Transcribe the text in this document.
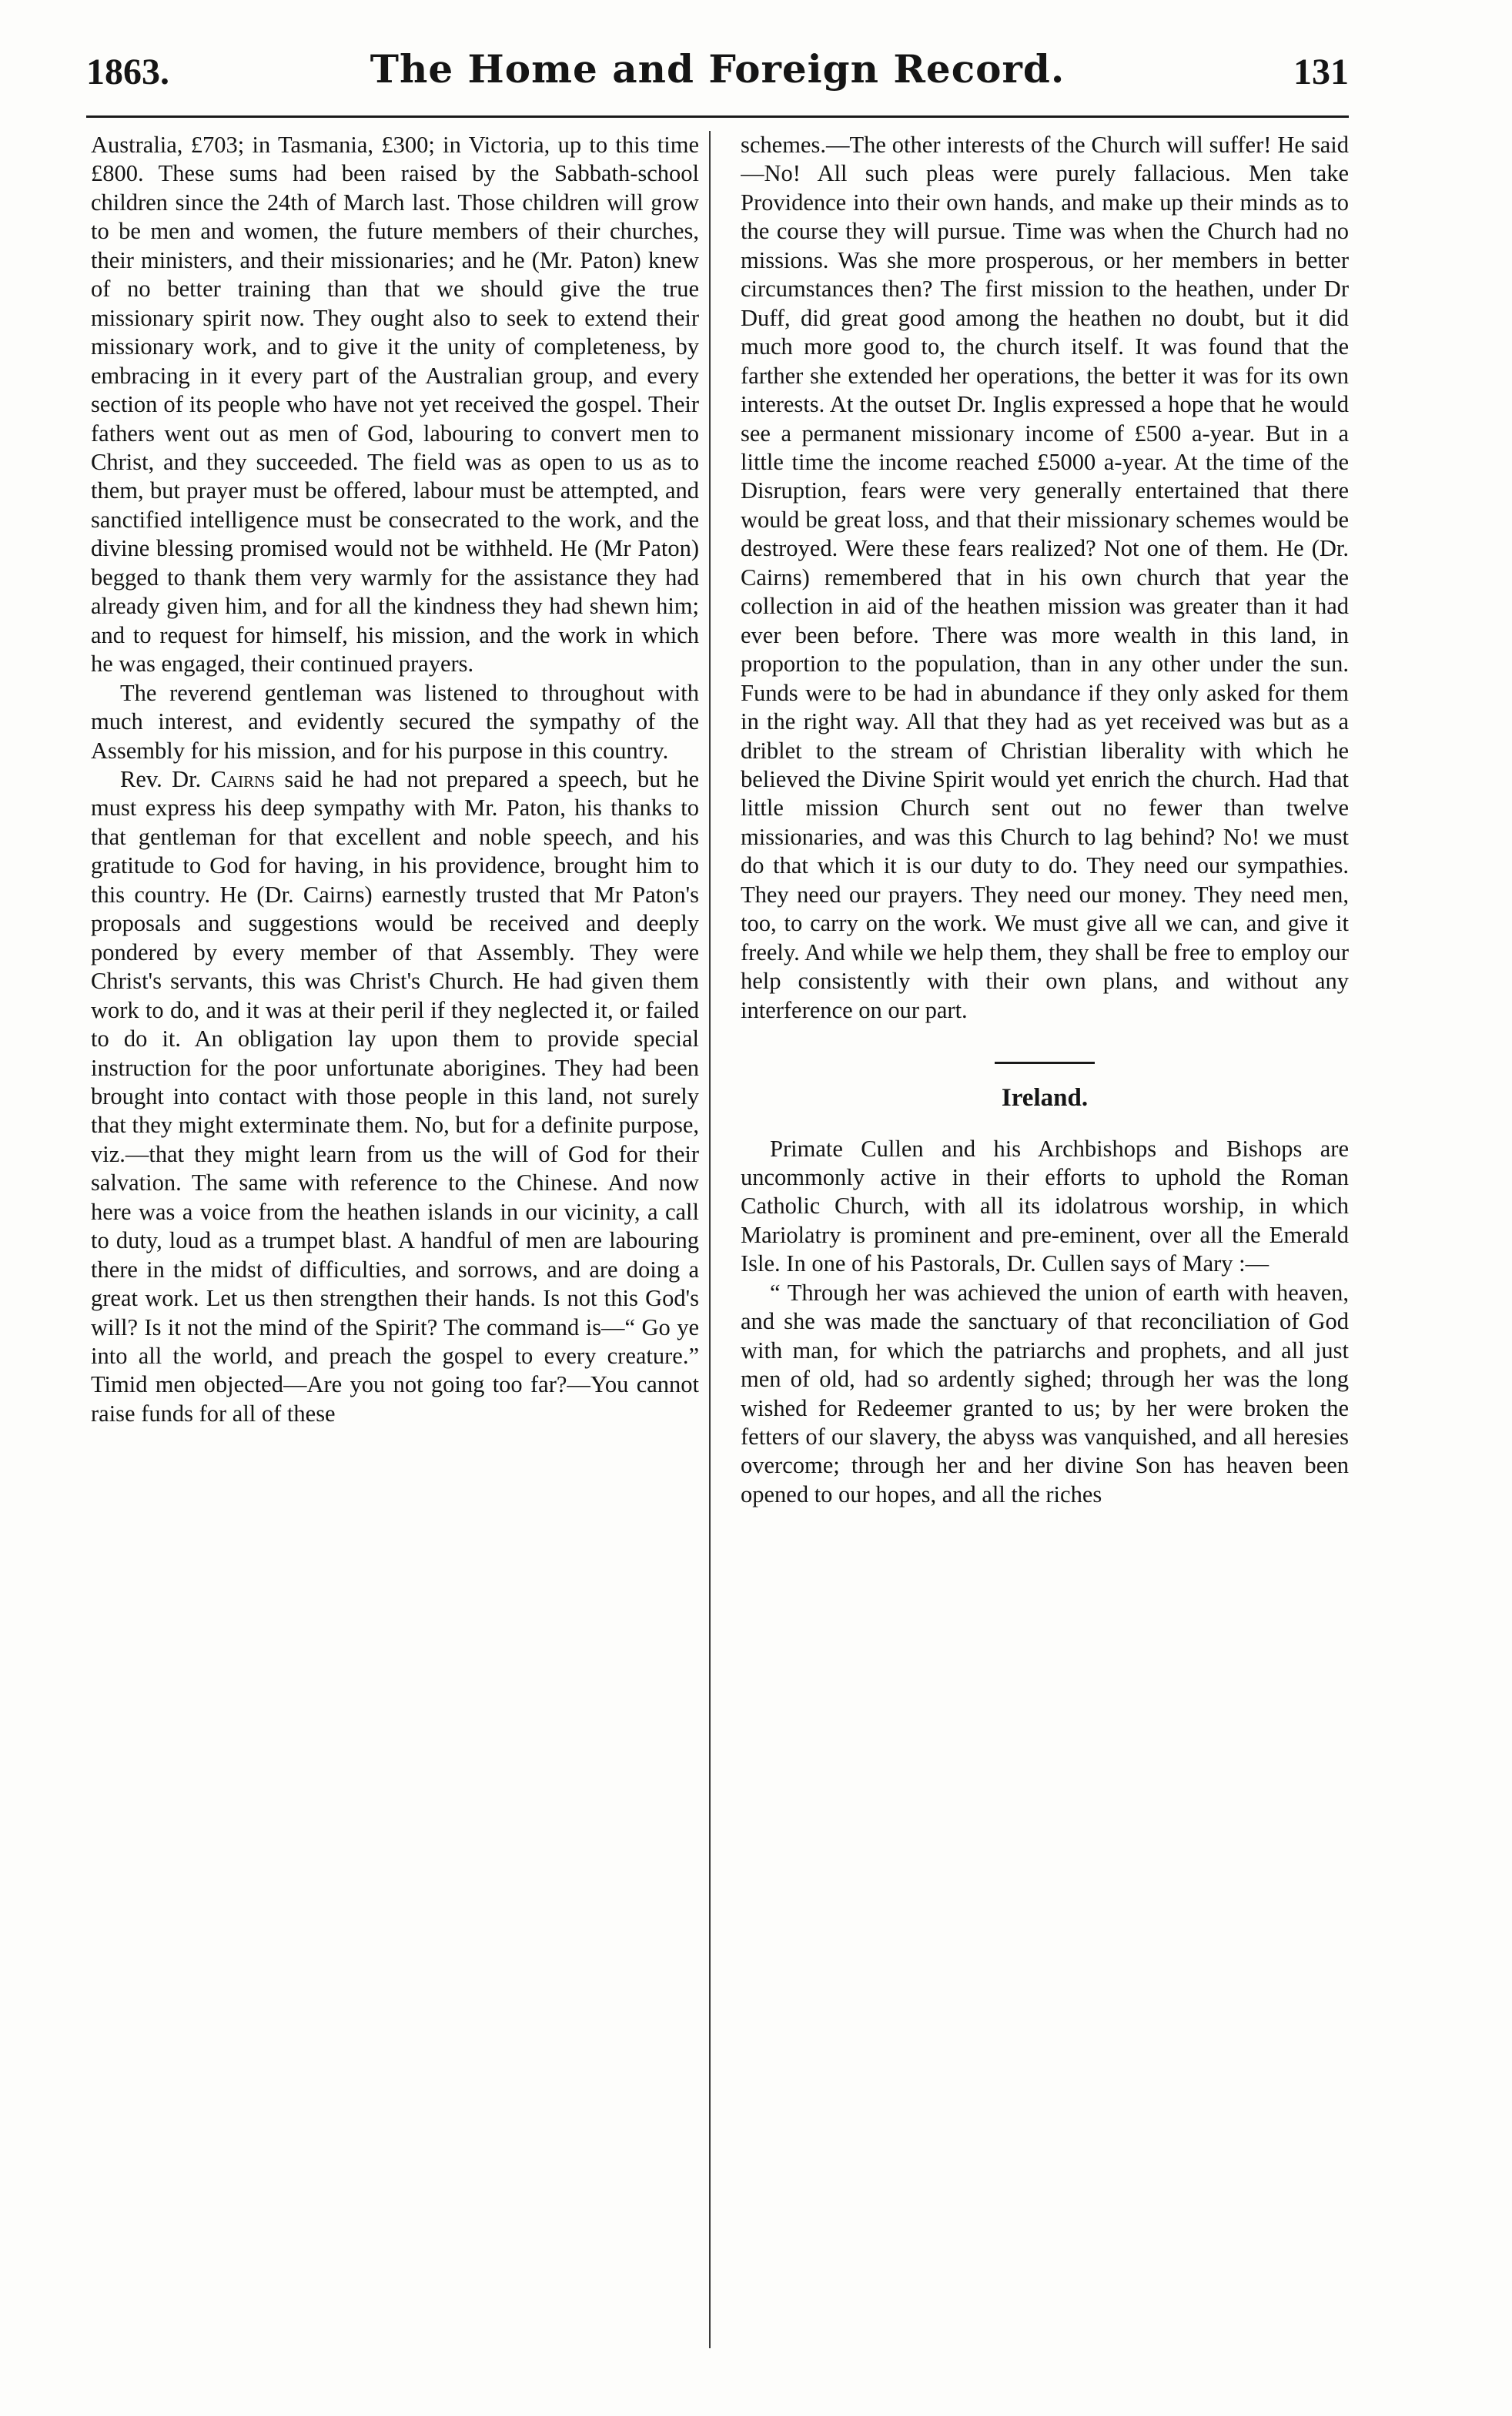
1863.	The Home and Foreign Record.	131

Australia, £703; in Tasmania, £300; in Victoria, up to this time £800. These sums had been raised by the Sabbath-school children since the 24th of March last. Those children will grow to be men and women, the future members of their churches, their ministers, and their missionaries; and he (Mr. Paton) knew of no better training than that we should give the true missionary spirit now. They ought also to seek to extend their missionary work, and to give it the unity of completeness, by embracing in it every part of the Australian group, and every section of its people who have not yet received the gospel. Their fathers went out as men of God, labouring to convert men to Christ, and they succeeded. The field was as open to us as to them, but prayer must be offered, labour must be attempted, and sanctified intelligence must be consecrated to the work, and the divine blessing promised would not be withheld. He (Mr Paton) begged to thank them very warmly for the assistance they had already given him, and for all the kindness they had shewn him; and to request for himself, his mission, and the work in which he was engaged, their continued prayers.

The reverend gentleman was listened to throughout with much interest, and evidently secured the sympathy of the Assembly for his mission, and for his purpose in this country.

Rev. Dr. Cairns said he had not prepared a speech, but he must express his deep sympathy with Mr. Paton, his thanks to that gentleman for that excellent and noble speech, and his gratitude to God for having, in his providence, brought him to this country. He (Dr. Cairns) earnestly trusted that Mr Paton's proposals and suggestions would be received and deeply pondered by every member of that Assembly. They were Christ's servants, this was Christ's Church. He had given them work to do, and it was at their peril if they neglected it, or failed to do it. An obligation lay upon them to provide special instruction for the poor unfortunate aborigines. They had been brought into contact with those people in this land, not surely that they might exterminate them. No, but for a definite purpose, viz.—that they might learn from us the will of God for their salvation. The same with reference to the Chinese. And now here was a voice from the heathen islands in our vicinity, a call to duty, loud as a trumpet blast. A handful of men are labouring there in the midst of difficulties, and sorrows, and are doing a great work. Let us then strengthen their hands. Is not this God's will? Is it not the mind of the Spirit? The command is—“ Go ye into all the world, and preach the gospel to every creature.” Timid men objected—Are you not going too far?—You cannot raise funds for all of these

schemes.—The other interests of the Church will suffer! He said—No! All such pleas were purely fallacious. Men take Providence into their own hands, and make up their minds as to the course they will pursue. Time was when the Church had no missions. Was she more prosperous, or her members in better circumstances then? The first mission to the heathen, under Dr Duff, did great good among the heathen no doubt, but it did much more good to, the church itself. It was found that the farther she extended her operations, the better it was for its own interests. At the outset Dr. Inglis expressed a hope that he would see a permanent missionary income of £500 a-year. But in a little time the income reached £5000 a-year. At the time of the Disruption, fears were very generally entertained that there would be great loss, and that their missionary schemes would be destroyed. Were these fears realized? Not one of them. He (Dr. Cairns) remembered that in his own church that year the collection in aid of the heathen mission was greater than it had ever been before. There was more wealth in this land, in proportion to the population, than in any other under the sun. Funds were to be had in abundance if they only asked for them in the right way. All that they had as yet received was but as a driblet to the stream of Christian liberality with which he believed the Divine Spirit would yet enrich the church. Had that little mission Church sent out no fewer than twelve missionaries, and was this Church to lag behind? No! we must do that which it is our duty to do. They need our sympathies. They need our prayers. They need our money. They need men, too, to carry on the work. We must give all we can, and give it freely. And while we help them, they shall be free to employ our help consistently with their own plans, and without any interference on our part.

Ireland.

Primate Cullen and his Archbishops and Bishops are uncommonly active in their efforts to uphold the Roman Catholic Church, with all its idolatrous worship, in which Mariolatry is prominent and pre-eminent, over all the Emerald Isle. In one of his Pastorals, Dr. Cullen says of Mary :—

“ Through her was achieved the union of earth with heaven, and she was made the sanctuary of that reconciliation of God with man, for which the patriarchs and prophets, and all just men of old, had so ardently sighed; through her was the long wished for Redeemer granted to us; by her were broken the fetters of our slavery, the abyss was vanquished, and all heresies overcome; through her and her divine Son has heaven been opened to our hopes, and all the riches
